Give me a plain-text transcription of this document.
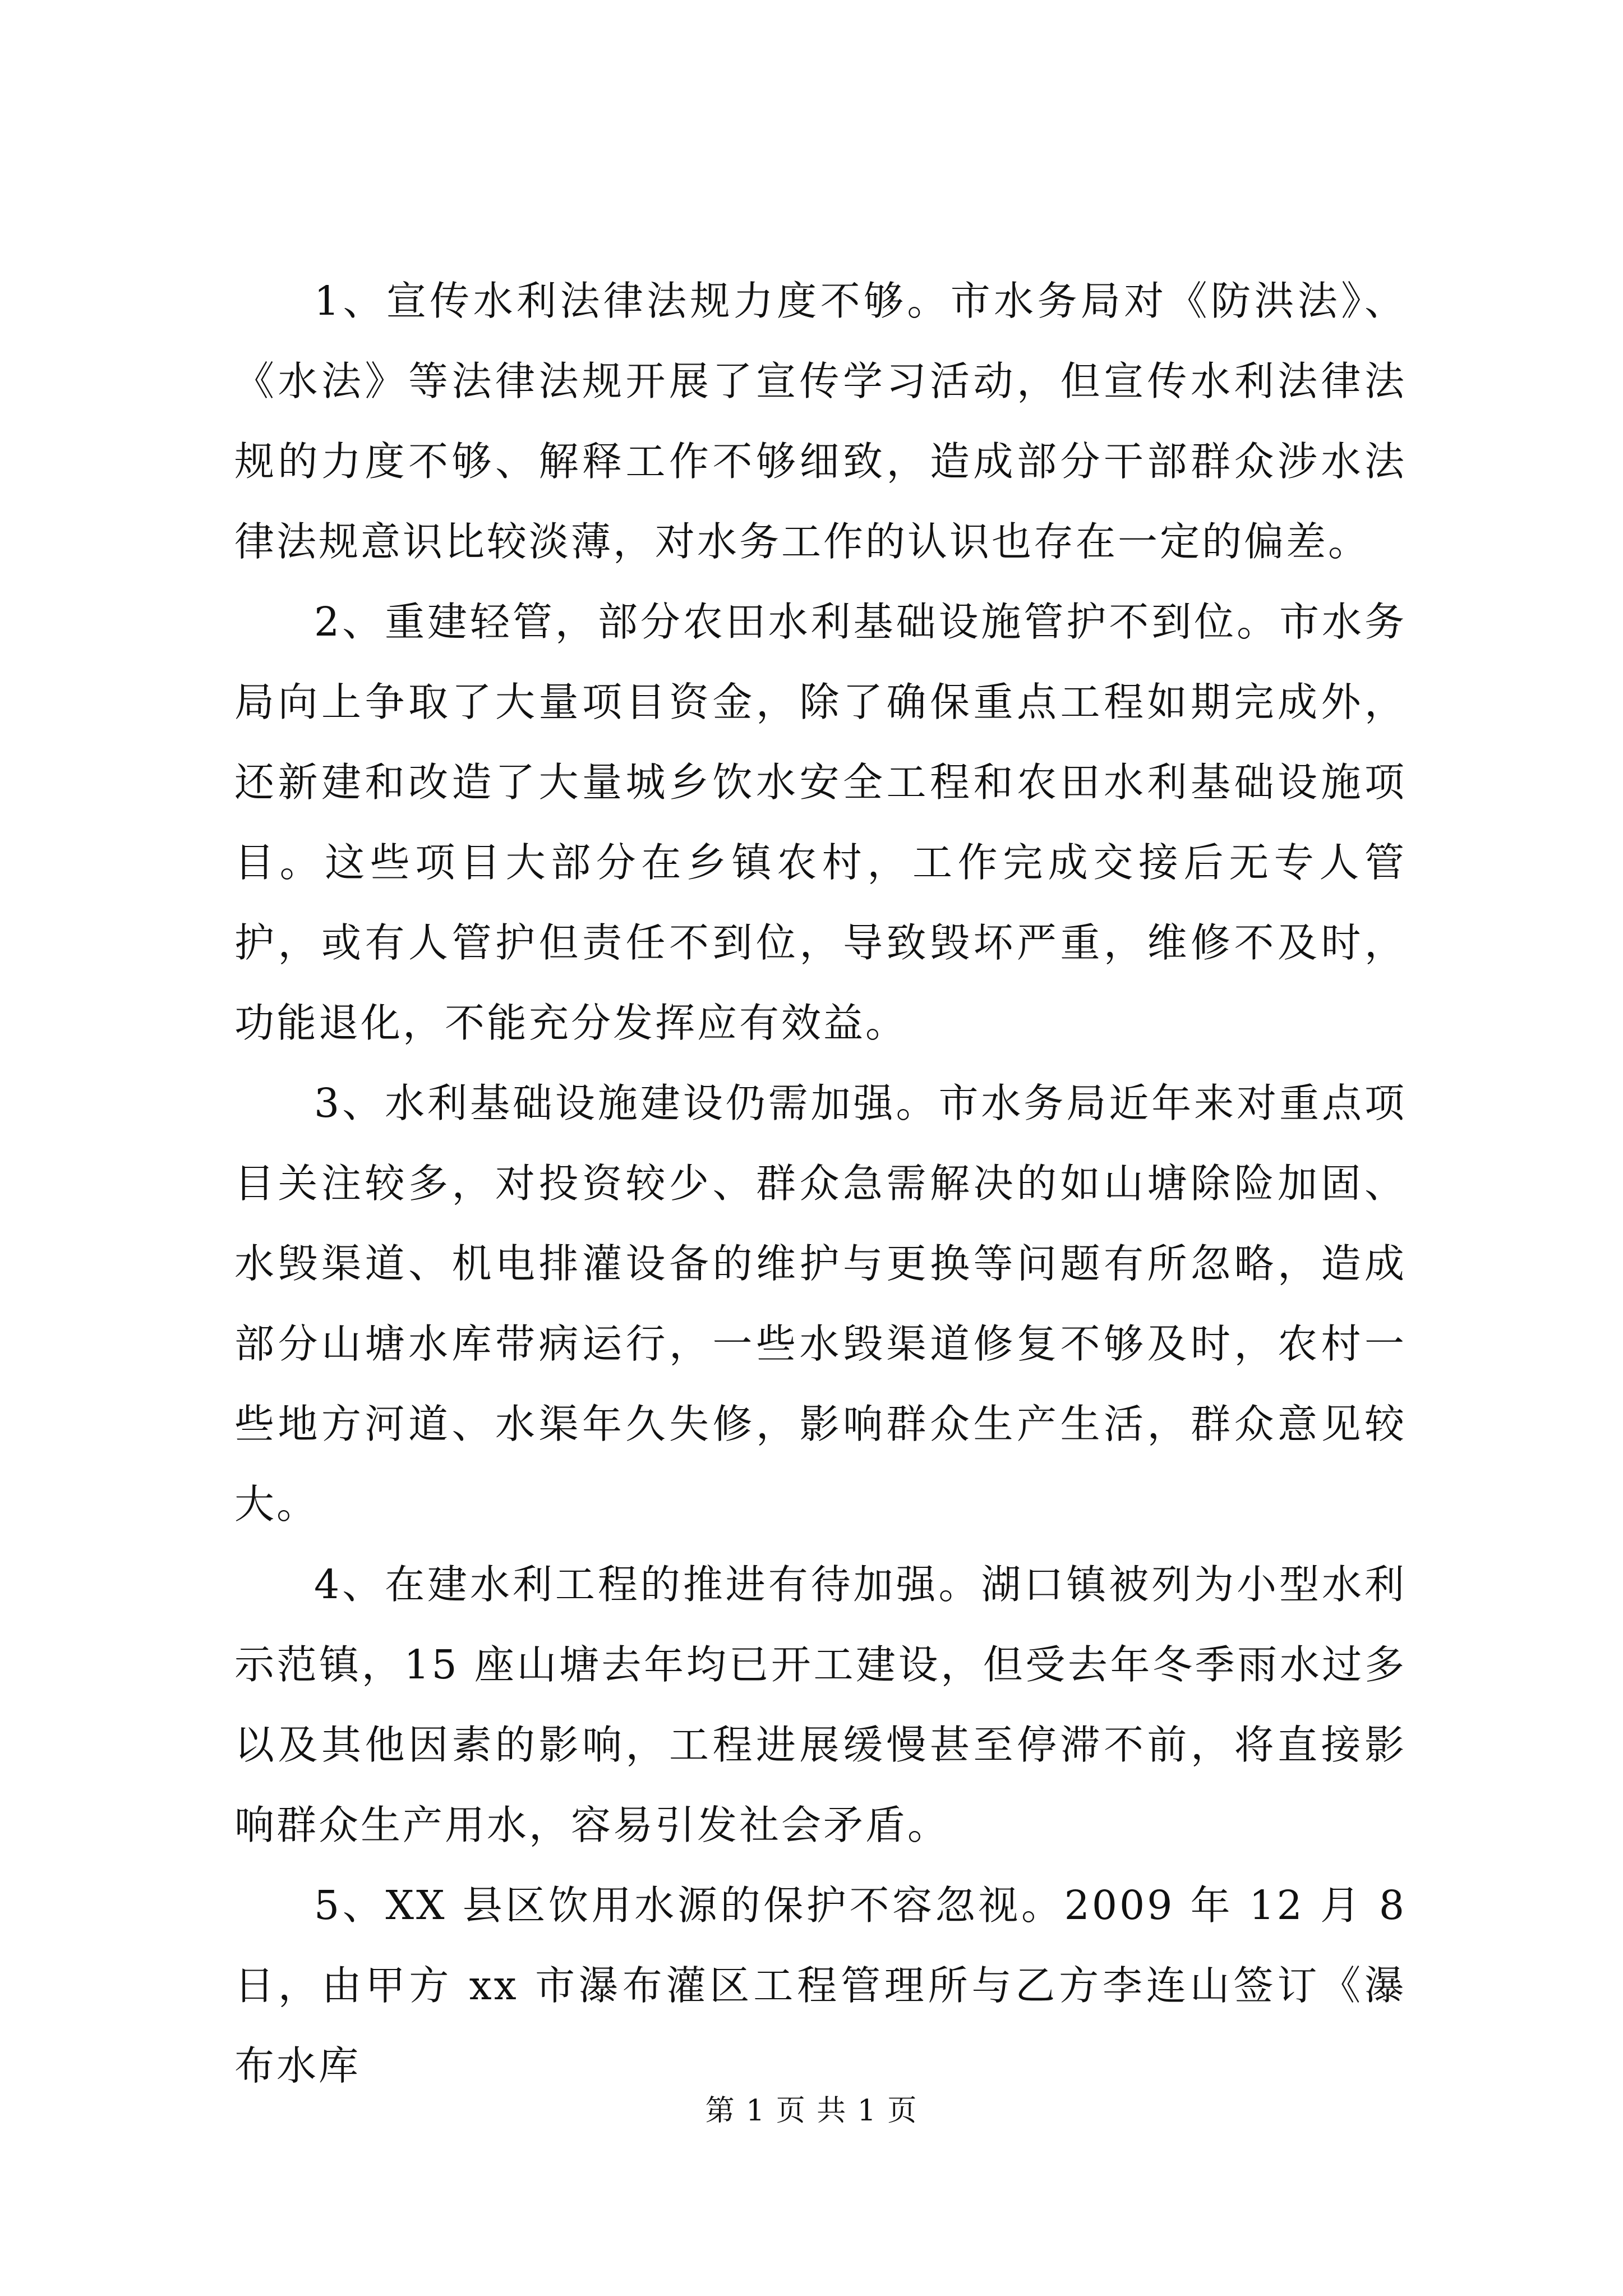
1、宣传水利法律法规力度不够。市水务局对《防洪法》、《水法》等法律法规开展了宣传学习活动，但宣传水利法律法规的力度不够、解释工作不够细致，造成部分干部群众涉水法律法规意识比较淡薄，对水务工作的认识也存在一定的偏差。

2、重建轻管，部分农田水利基础设施管护不到位。市水务局向上争取了大量项目资金，除了确保重点工程如期完成外，还新建和改造了大量城乡饮水安全工程和农田水利基础设施项目。这些项目大部分在乡镇农村，工作完成交接后无专人管护，或有人管护但责任不到位，导致毁坏严重，维修不及时，功能退化，不能充分发挥应有效益。

3、水利基础设施建设仍需加强。市水务局近年来对重点项目关注较多，对投资较少、群众急需解决的如山塘除险加固、水毁渠道、机电排灌设备的维护与更换等问题有所忽略，造成部分山塘水库带病运行，一些水毁渠道修复不够及时，农村一些地方河道、水渠年久失修，影响群众生产生活，群众意见较大。

4、在建水利工程的推进有待加强。湖口镇被列为小型水利示范镇，15 座山塘去年均已开工建设，但受去年冬季雨水过多以及其他因素的影响，工程进展缓慢甚至停滞不前，将直接影响群众生产用水，容易引发社会矛盾。

5、XX 县区饮用水源的保护不容忽视。2009 年 12 月 8 日，由甲方 xx 市瀑布灌区工程管理所与乙方李连山签订《瀑布水库

第 1 页 共 1 页
